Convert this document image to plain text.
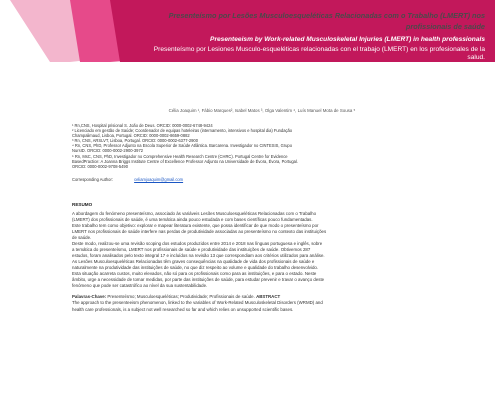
Presenteísmo por Lesões Musculoesqueléticas Relacionadas com o Trabalho (LMERT) nos profissionais de saúde
Presenteeism by Work-related Musculoskeletal Injuries (LMERT) in health professionals
Presenteísmo por Lesiones Musculo-esqueléticas relacionadas con el trabajo (LMERT) en los profesionales de la salud.
Célia Joaquim ¹, Fábio Marques², Isabel Matos ³, Olga Valentim ⁴, Luís Manuel Mota de Sousa ⁵

¹ Rn,CNS, Hospital prisional S. João de Deus. ORCID: 0000-0002-6748-9424

² Licenciado em gestão de Saúde; Coordenador de equipas hoteleiras (internamento, intensivos e hospital dia) Fundação

Champalimaud, Lisboa, Portugal. ORCID: 0000-0002-8659-0882

³ Rn, CNS, ARSLVT, Lisboa, Portugal. ORCID: 0000-0002-6377-2900

⁴ Rn, CNS, PhD, Professor Adjunto na Escola Superior de Saúde Atlântica. Barcarena. Investigador no CINTESIS, Grupo

NursID. ORCID: 0000-0002-2900-3972

⁵ Rn, MsC, CNS, PhD, Investigador no Comprehensive Health Research Centre (CHRC). Portugal Centre for Evidence

BasedPractice: A Joanna Briggs Institute Centre of Excellence Professor Adjunto na Universidade de Évora, Évora, Portugal.

ORCID: 0000-0002-9708-5490

Corresponding Author:	celiamjoaquim@gmail.com
RESUMO

A abordagem do fenómeno presenteísmo, associado às variáveis Lesões Musculoesqueléticas Relacionadas com o Trabalho

(LMERT) dos profissionais de saúde, é uma temática ainda pouco estudada e com bases científicas pouco fundamentadas.

Este trabalho tem como objetivo: explorar e mapear literatura existente, que possa identificar de que modo o presenteísmo por

LMERT nos profissionais de saúde interfere nas perdas de produtividade associadas ao presenteísmo no contexto das instituições

de saúde.

Deste modo, realizou-se uma revisão scoping dos estudos produzidos entre 2014 e 2018 nas línguas portuguesa e inglês, sobre

a temática do presenteísmo, LMERT nos profissionais de saúde e produtividade das instituições de saúde. Obtivemos 287

estudos, foram analisados pelo texto integral 17 e incluídos na revisão 13 que correspondiam aos critérios utilizados para análise.

As Lesões Musculoesqueléticas Relacionadas têm graves consequências na qualidade de vida dos profissionais de saúde e

naturalmente na produtividade das instituições de saúde, no que diz respeito ao volume e qualidade do trabalho desenvolvido.

Esta situação acarreta custos, muito elevados, não só para os profissionais como para as instituições, e para o estado. Neste

âmbito, urge a necessidade de tomar medidas, por parte das instituições de saúde, para estudar prevenir e travar o avanço deste

fenómeno que pode ser catastrófico ao nível da sua sustentabilidade.

Palavras-Chave: Presenteísmo; Musculoesqueléticas; Produtividade; Profissionais de saúde. ABSTRACT

The approach to the presenteeism phenomenon, linked to the variables of Work-Related Musculoskeletal Disorders (WRMD) and

health care professionals, is a subject not well researched so far and which relies on unsupported scientific bases.
